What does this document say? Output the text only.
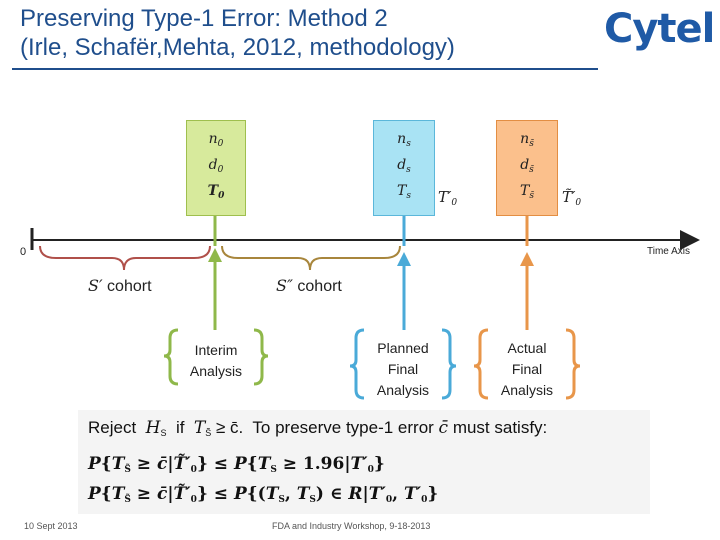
Preserving Type-1 Error: Method 2
(Irle, Schafër,Mehta, 2012, methodology)	Cytel
$n_0$
$d_0$
$T_0$
$n_s$
$d_s$
$T_s$
$n_{s̃}$
$d_{s̃}$
$T_{s̃}$
$T'_0$	$T̃'_0$
0	Time Axis
S′ cohort	S″ cohort
Interim
Analysis
Planned
Final
Analysis
Actual
Final
Analysis
Reject $H_S$ if $T_{S̃}$ ≥ c̄. To preserve type-1 error c̄ must satisfy:
$P\{T_{S̃}$ ≥ $c̄|T̃'_0\} \le P\{T_S \ge 1.96|T'_0\}$
$P\{T_{S̃}$ ≥ $c̄|T̃'_0\} \le P\{(T_S$, $T_S$) ∈ $R|T'_0$, $T'_0$}
10 Sept 2013	FDA and Industry Workshop, 9-18-2013
